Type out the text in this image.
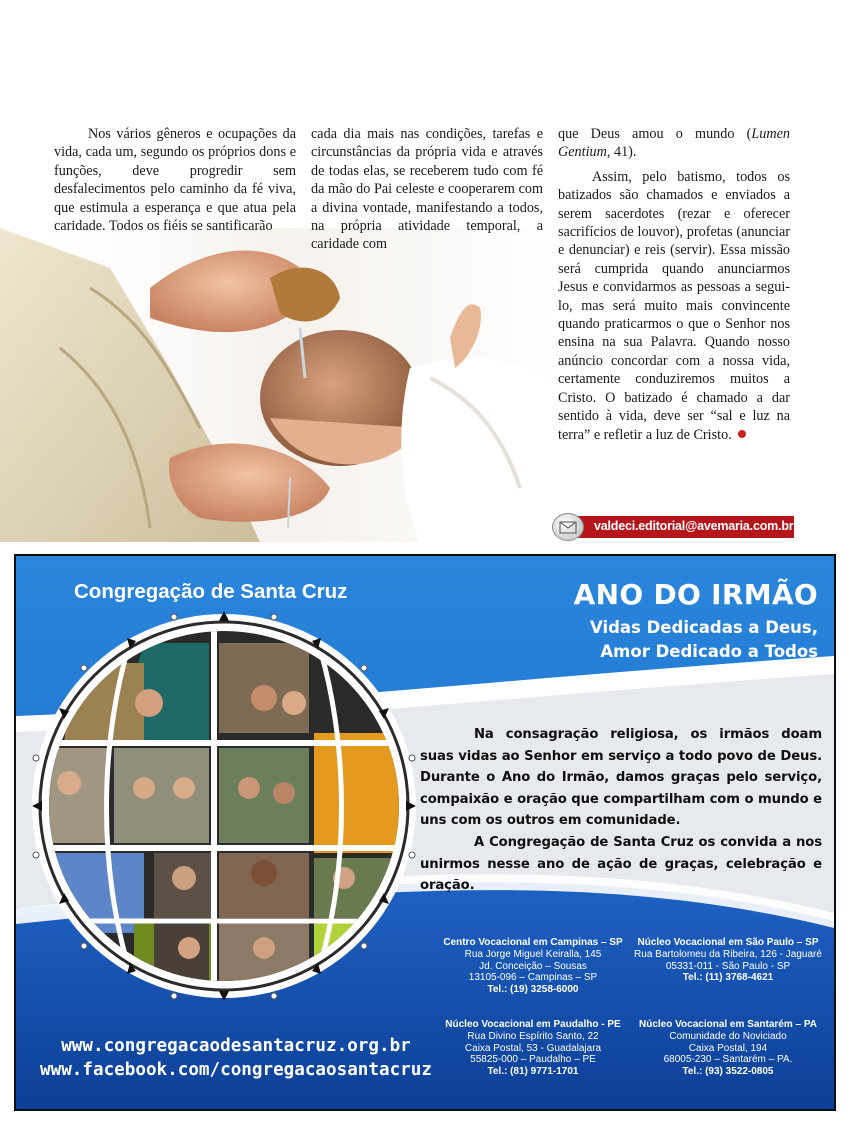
Nos vários gêneros e ocupações da vida, cada um, segundo os próprios dons e funções, deve progredir sem desfalecimentos pelo caminho da fé viva, que estimula a esperança e que atua pela caridade. Todos os fiéis se santificarão

cada dia mais nas condições, tarefas e circunstâncias da própria vida e através de todas elas, se receberem tudo com fé da mão do Pai celeste e cooperarem com a divina vontade, manifestando a todos, na própria atividade temporal, a caridade com

que Deus amou o mundo (Lumen Gentium, 41).

Assim, pelo batismo, todos os batizados são chamados e enviados a serem sacerdotes (rezar e oferecer sacrifícios de louvor), profetas (anunciar e denunciar) e reis (servir). Essa missão será cumprida quando anunciarmos Jesus e convidarmos as pessoas a segui-lo, mas será muito mais convincente quando praticarmos o que o Senhor nos ensina na sua Palavra. Quando nosso anúncio concordar com a nossa vida, certamente conduziremos muitos a Cristo. O batizado é chamado a dar sentido à vida, deve ser “sal e luz na terra” e refletir a luz de Cristo.

valdeci.editorial@avemaria.com.br
Congregação de Santa Cruz	ANO DO IRMÃO
Vidas Dedicadas a Deus,
Amor Dedicado a Todos

Na consagração religiosa, os irmãos doam suas vidas ao Senhor em serviço a todo povo de Deus. Durante o Ano do Irmão, damos graças pelo serviço, compaixão e oração que compartilham com o mundo e uns com os outros em comunidade.

A Congregação de Santa Cruz os convida a nos unirmos nesse ano de ação de graças, celebração e oração.

Centro Vocacional em Campinas – SP
Rua Jorge Miguel Keiralla, 145
Jd. Conceição – Sousas
13105-096 – Campinas – SP
Tel.: (19) 3258-6000
Núcleo Vocacional em São Paulo – SP
Rua Bartolomeu da Ribeira, 126 - Jaguaré
05331-011 - São Paulo - SP
Tel.: (11) 3768-4621
Núcleo Vocacional em Paudalho - PE
Rua Divino Espírito Santo, 22
Caixa Postal, 53 - Guadalajara
55825-000 – Paudalho – PE
Tel.: (81) 9771-1701
Núcleo Vocacional em Santarém – PA
Comunidade do Noviciado
Caixa Postal, 194
68005-230 – Santarém – PA.
Tel.: (93) 3522-0805
www.congregacaodesantacruz.org.br
www.facebook.com/congregacaosantacruz
